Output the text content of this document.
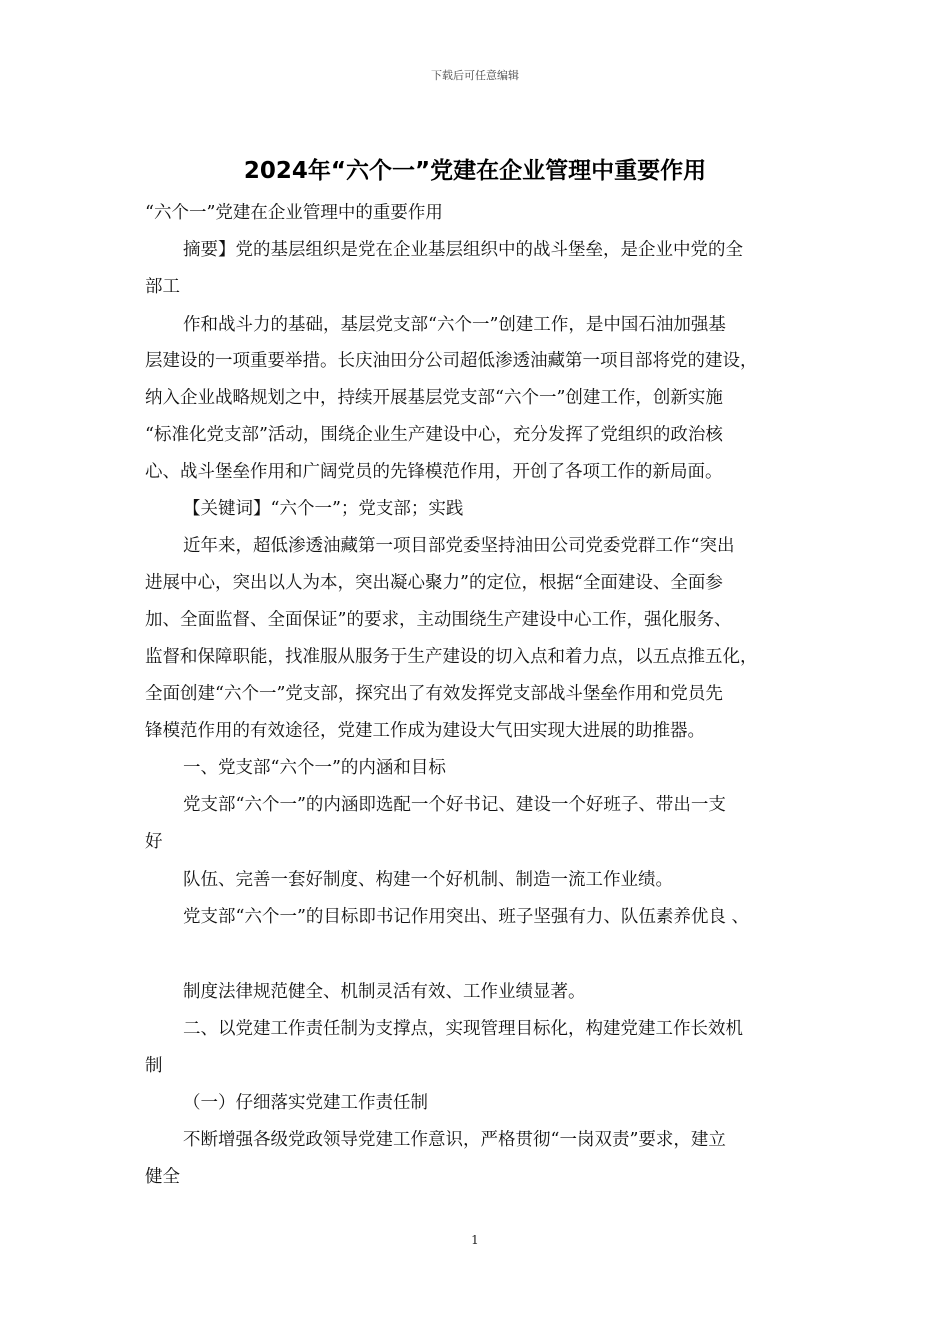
下载后可任意编辑
2024年“六个一”党建在企业管理中重要作用
“六个一”党建在企业管理中的重要作用
摘要】党的基层组织是党在企业基层组织中的战斗堡垒，是企业中党的全
部工
作和战斗力的基础，基层党支部“六个一”创建工作，是中国石油加强基
层建设的一项重要举措。长庆油田分公司超低渗透油藏第一项目部将党的建设，
纳入企业战略规划之中，持续开展基层党支部“六个一”创建工作，创新实施
“标准化党支部”活动，围绕企业生产建设中心，充分发挥了党组织的政治核
心、战斗堡垒作用和广阔党员的先锋模范作用，开创了各项工作的新局面。
【关键词】“六个一”；党支部；实践
近年来，超低渗透油藏第一项目部党委坚持油田公司党委党群工作“突出
进展中心，突出以人为本，突出凝心聚力”的定位，根据“全面建设、全面参
加、全面监督、全面保证”的要求，主动围绕生产建设中心工作，强化服务、
监督和保障职能，找准服从服务于生产建设的切入点和着力点，以五点推五化，
全面创建“六个一”党支部，探究出了有效发挥党支部战斗堡垒作用和党员先
锋模范作用的有效途径，党建工作成为建设大气田实现大进展的助推器。
一、党支部“六个一”的内涵和目标
党支部“六个一”的内涵即选配一个好书记、建设一个好班子、带出一支
好
队伍、完善一套好制度、构建一个好机制、制造一流工作业绩。
党支部“六个一”的目标即书记作用突出、班子坚强有力、队伍素养优良 、
制度法律规范健全、机制灵活有效、工作业绩显著。
二、以党建工作责任制为支撑点，实现管理目标化，构建党建工作长效机
制
（一）仔细落实党建工作责任制
不断增强各级党政领导党建工作意识，严格贯彻“一岗双责”要求，建立
健全
1
